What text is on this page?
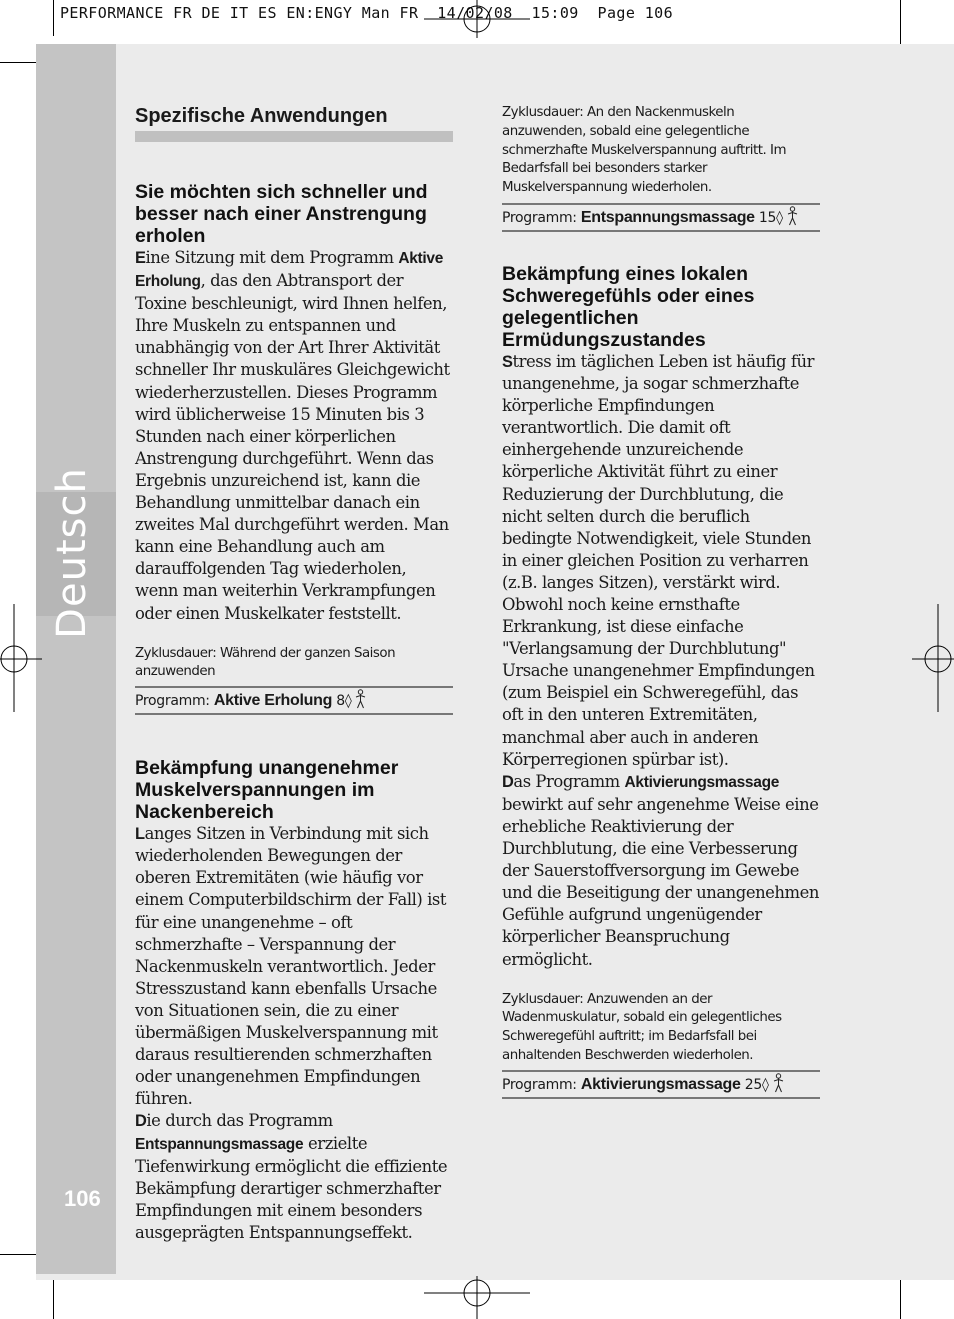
PERFORMANCE FR DE IT ES EN:ENGY Man FR  14/02/08  15:09  Page 106
Deutsch
106
Spezifische Anwendungen
Sie möchten sich schneller und besser nach einer Anstrengung erholen

Eine Sitzung mit dem Programm Aktive Erholung, das den Abtransport der Toxine beschleunigt, wird Ihnen helfen, Ihre Muskeln zu entspannen und unabhängig von der Art Ihrer Aktivität schneller Ihr muskuläres Gleichgewicht wiederherzustellen. Dieses Programm wird üblicherweise 15 Minuten bis 3 Stunden nach einer körperlichen Anstrengung durchgeführt. Wenn das Ergebnis unzureichend ist, kann die Behandlung unmittelbar danach ein zweites Mal durchgeführt werden. Man kann eine Behandlung auch am darauffolgenden Tag wiederholen, wenn man weiterhin Verkrampfungen oder einen Muskelkater feststellt.

Zyklusdauer: Während der ganzen Saison anzuwenden

Programm: Aktive Erholung 8◊
Bekämpfung unangenehmer Muskelverspannungen im Nackenbereich

Langes Sitzen in Verbindung mit sich wiederholenden Bewegungen der oberen Extremitäten (wie häufig vor einem Computerbildschirm der Fall) ist für eine unangenehme – oft schmerzhafte – Verspannung der Nackenmuskeln verantwortlich. Jeder Stresszustand kann ebenfalls Ursache von Situationen sein, die zu einer übermäßigen Muskelverspannung mit daraus resultierenden schmerzhaften oder unangenehmen Empfindungen führen.

Die durch das Programm Entspannungsmassage erzielte Tiefenwirkung ermöglicht die effiziente Bekämpfung derartiger schmerzhafter Empfindungen mit einem besonders ausgeprägten Entspannungseffekt.

Zyklusdauer: An den Nackenmuskeln anzuwenden, sobald eine gelegentliche schmerzhafte Muskelverspannung auftritt. Im Bedarfsfall bei besonders starker Muskelverspannung wiederholen.

Programm: Entspannungsmassage 15◊
Bekämpfung eines lokalen Schweregefühls oder eines gelegentlichen Ermüdungszustandes

Stress im täglichen Leben ist häufig für unangenehme, ja sogar schmerzhafte körperliche Empfindungen verantwortlich. Die damit oft einhergehende unzureichende körperliche Aktivität führt zu einer Reduzierung der Durchblutung, die nicht selten durch die beruflich bedingte Notwendigkeit, viele Stunden in einer gleichen Position zu verharren (z.B. langes Sitzen), verstärkt wird. Obwohl noch keine ernsthafte Erkrankung, ist diese einfache "Verlangsamung der Durchblutung" Ursache unangenehmer Empfindungen (zum Beispiel ein Schweregefühl, das oft in den unteren Extremitäten, manchmal aber auch in anderen Körperregionen spürbar ist).

Das Programm Aktivierungsmassage bewirkt auf sehr angenehme Weise eine erhebliche Reaktivierung der Durchblutung, die eine Verbesserung der Sauerstoffversorgung im Gewebe und die Beseitigung der unangenehmen Gefühle aufgrund ungenügender körperlicher Beanspruchung ermöglicht.

Zyklusdauer: Anzuwenden an der Wadenmuskulatur, sobald ein gelegentliches Schweregefühl auftritt; im Bedarfsfall bei anhaltenden Beschwerden wiederholen.

Programm: Aktivierungsmassage 25◊
